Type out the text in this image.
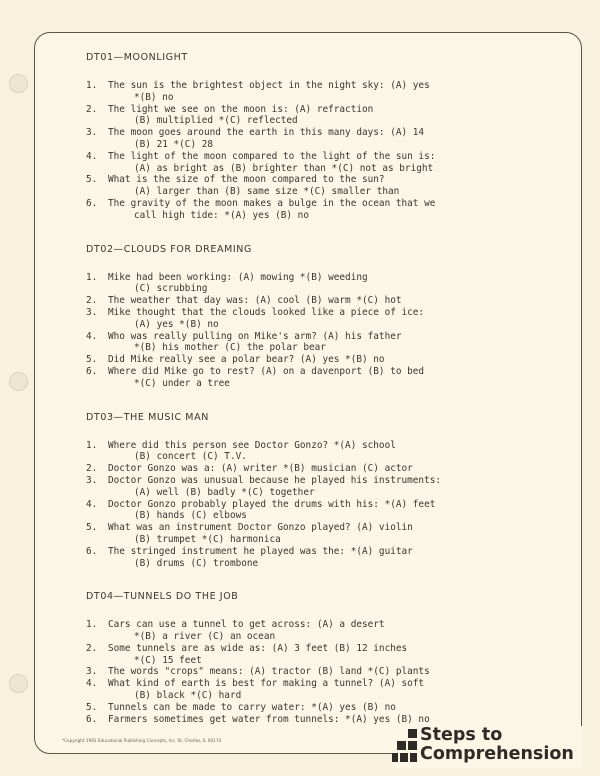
DT01—MOONLIGHT
1.	The sun is the brightest object in the night sky: (A) yes
*(B) no
2.	The light we see on the moon is: (A) refraction
(B) multiplied *(C) reflected
3.	The moon goes around the earth in this many days: (A) 14
(B) 21 *(C) 28
4.	The light of the moon compared to the light of the sun is:
(A) as bright as (B) brighter than *(C) not as bright
5.	What is the size of the moon compared to the sun?
(A) larger than (B) same size *(C) smaller than
6.	The gravity of the moon makes a bulge in the ocean that we
call high tide: *(A) yes (B) no
DT02—CLOUDS FOR DREAMING
1.	Mike had been working: (A) mowing *(B) weeding
(C) scrubbing
2.	The weather that day was: (A) cool (B) warm *(C) hot
3.	Mike thought that the clouds looked like a piece of ice:
(A) yes *(B) no
4.	Who was really pulling on Mike's arm? (A) his father
*(B) his mother (C) the polar bear
5.	Did Mike really see a polar bear? (A) yes *(B) no
6.	Where did Mike go to rest? (A) on a davenport (B) to bed
*(C) under a tree
DT03—THE MUSIC MAN
1.	Where did this person see Doctor Gonzo? *(A) school
(B) concert (C) T.V.
2.	Doctor Gonzo was a: (A) writer *(B) musician (C) actor
3.	Doctor Gonzo was unusual because he played his instruments:
(A) well (B) badly *(C) together
4.	Doctor Gonzo probably played the drums with his: *(A) feet
(B) hands (C) elbows
5.	What was an instrument Doctor Gonzo played? (A) violin
(B) trumpet *(C) harmonica
6.	The stringed instrument he played was the: *(A) guitar
(B) drums (C) trombone
DT04—TUNNELS DO THE JOB
1.	Cars can use a tunnel to get across: (A) a desert
*(B) a river (C) an ocean
2.	Some tunnels are as wide as: (A) 3 feet (B) 12 inches
*(C) 15 feet
3.	The words "crops" means: (A) tractor (B) land *(C) plants
4.	What kind of earth is best for making a tunnel? (A) soft
(B) black *(C) hard
5.	Tunnels can be made to carry water: *(A) yes (B) no
6.	Farmers sometimes get water from tunnels: *(A) yes (B) no
*Copyright 1991 Educational Publishing Concepts, Inc. St. Charles, IL 60174	Steps to
Comprehension
